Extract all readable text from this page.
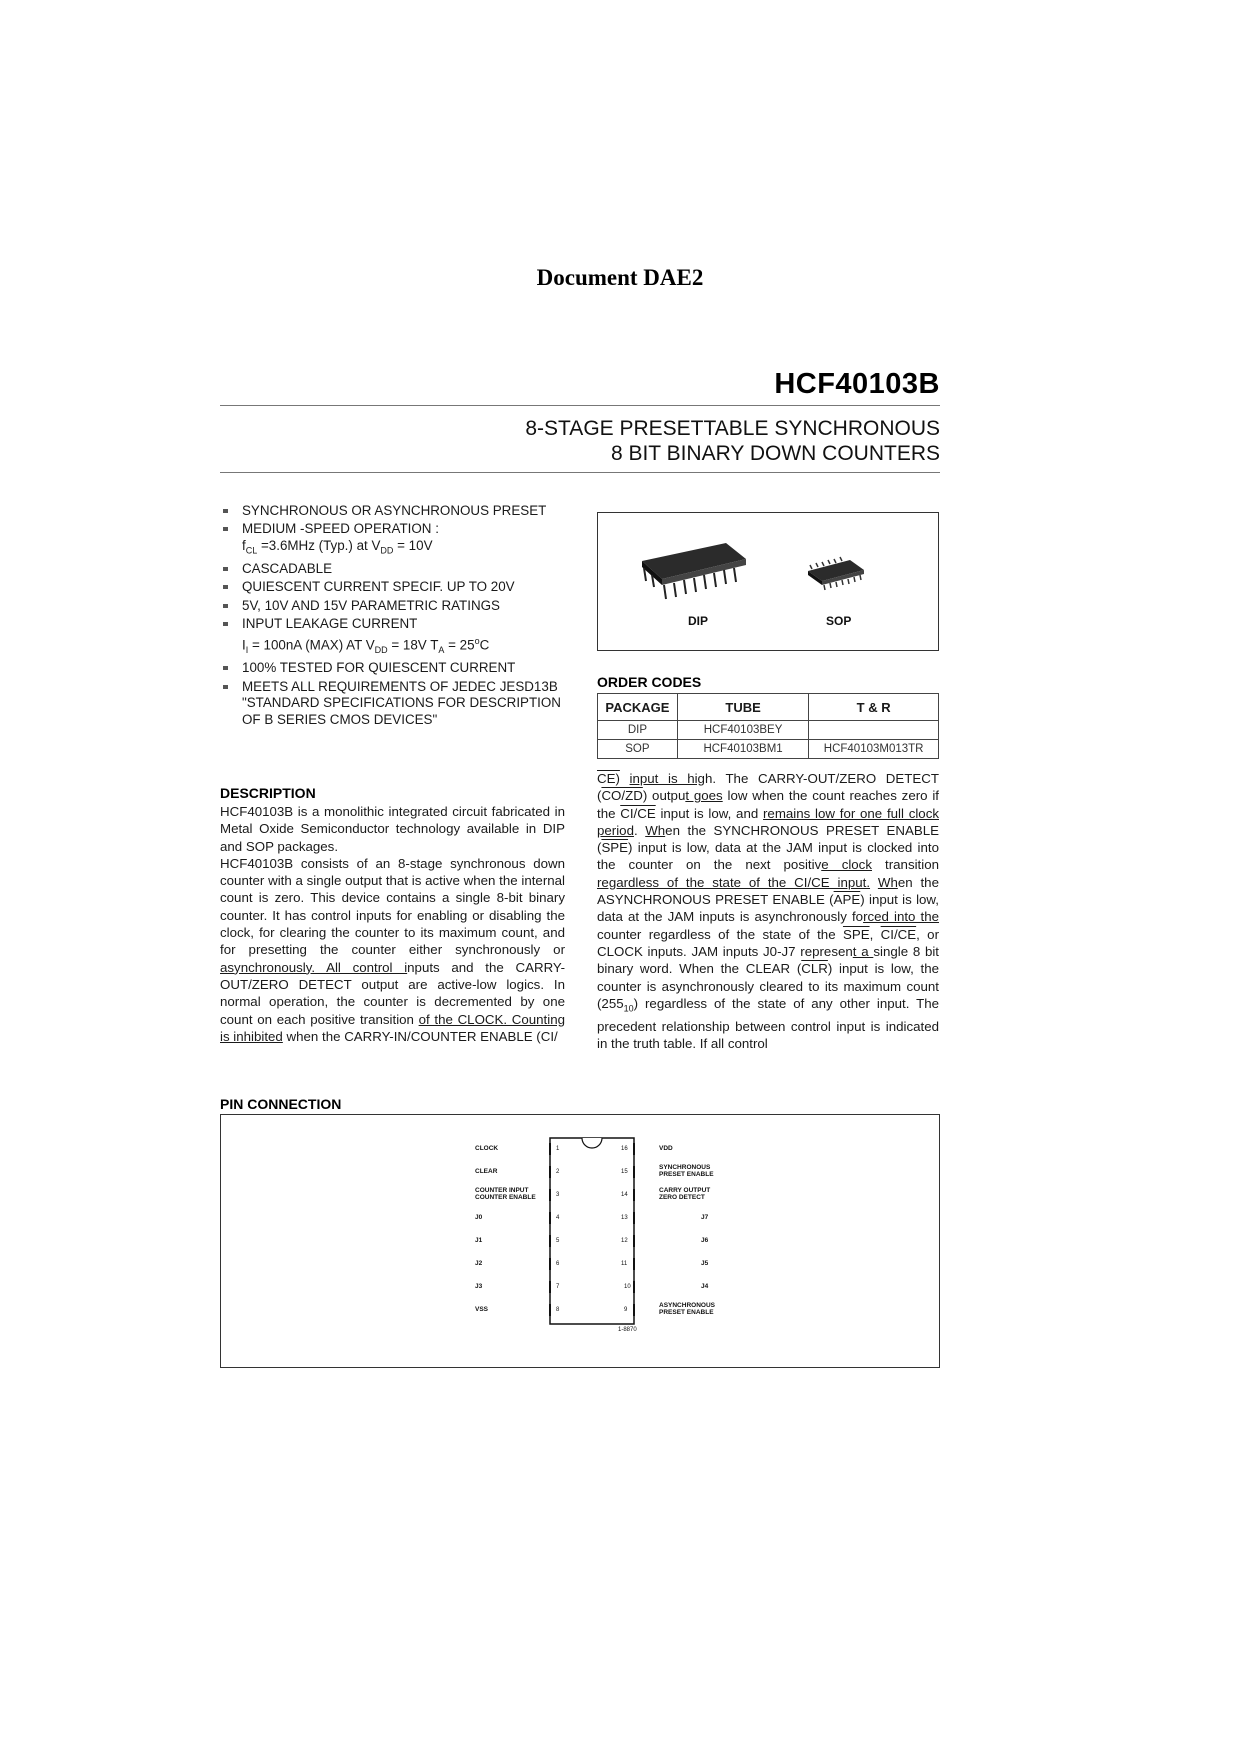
Document DAE2
HCF40103B
8-STAGE PRESETTABLE SYNCHRONOUS
8 BIT BINARY DOWN COUNTERS
SYNCHRONOUS OR ASYNCHRONOUS PRESET
MEDIUM -SPEED OPERATION :
$f_{CL} =3.6MHz$ (Typ.) at $V_{DD} = 10V$
CASCADABLE
QUIESCENT CURRENT SPECIF. UP TO 20V
5V, 10V AND 15V PARAMETRIC RATINGS
INPUT LEAKAGE CURRENT
$I_I = 100nA$ (MAX) AT $V_{DD} = 18V$ $T_A = 25^oC$
100% TESTED FOR QUIESCENT CURRENT
MEETS ALL REQUIREMENTS OF JEDEC JESD13B "STANDARD SPECIFICATIONS FOR DESCRIPTION OF B SERIES CMOS DEVICES"
DESCRIPTION

HCF40103B is a monolithic integrated circuit fabricated in Metal Oxide Semiconductor technology available in DIP and SOP packages.

HCF40103B consists of an 8-stage synchronous down counter with a single output that is active when the internal count is zero. This device contains a single 8-bit binary counter. It has control inputs for enabling or disabling the clock, for clearing the counter to its maximum count, and for presetting the counter either synchronously or asynchronously. All control inputs and the CARRY-OUT/ZERO DETECT output are active-low logics. In normal operation, the counter is decremented by one count on each positive transition of the CLOCK. Counting is inhibited when the CARRY-IN/COUNTER ENABLE (CI/

DIP	SOP
ORDER CODES
PACKAGE	TUBE	T & R
DIP	HCF40103BEY	
SOP	HCF40103BM1	HCF40103M013TR

CE) input is high. The CARRY-OUT/ZERO DETECT (CO/ZD) output goes low when the count reaches zero if the CI/CE input is low, and remains low for one full clock period. When the SYNCHRONOUS PRESET ENABLE $(\overline{SPE})$ input is low, data at the JAM input is clocked into the counter on the next positive clock transition regardless of the state of the CI/CE input. When the ASYNCHRONOUS PRESET ENABLE $(\overline{APE})$ input is low, data at the JAM inputs is asynchronously forced into the counter regardless of the state of the $\overline{SPE}$, CI/CE, or CLOCK inputs. JAM inputs J0-J7 represent a single 8 bit binary word. When the CLEAR $(\overline{CLR})$ input is low, the counter is asynchronously cleared to its maximum count $(255_{10})$ regardless of the state of any other input. The precedent relationship between control input is indicated in the truth table. If all control

PIN CONNECTION
CLOCK
CLEAR
COUNTER INPUT COUNTER ENABLE
J0
J1
J2
J3
VSS
VDD
SYNCHRONOUS PRESET ENABLE
CARRY OUTPUT ZERO DETECT
J7
J6
J5
J4
ASYNCHRONOUS PRESET ENABLE
1
2
3
4
5
6
7
8
16
15
14
13
12
11
10
9
1-8870
